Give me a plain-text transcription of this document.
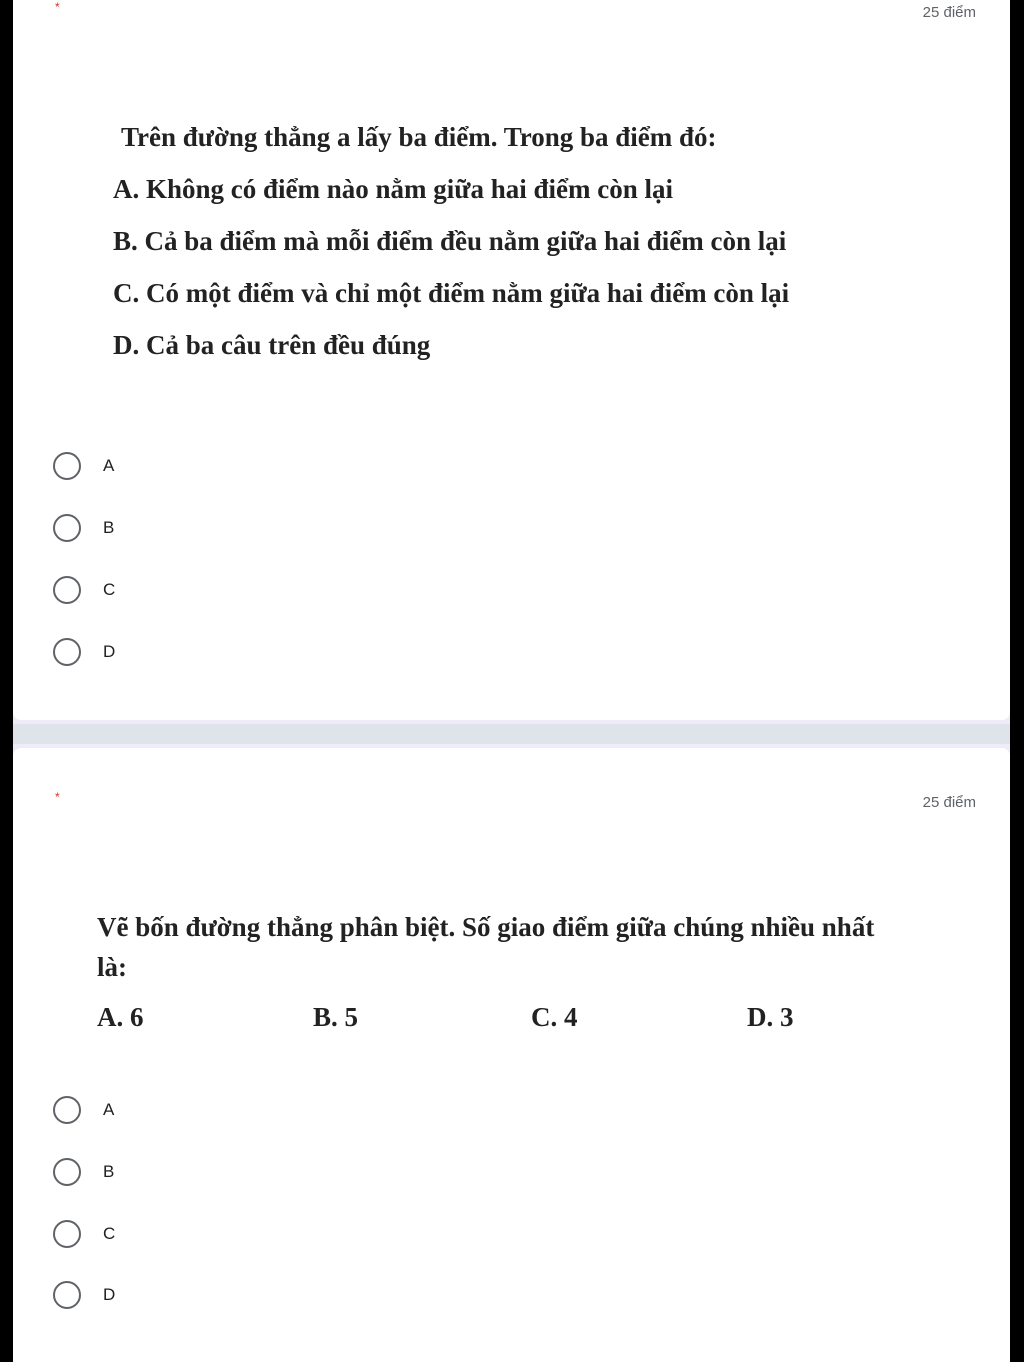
*	25 điểm
Trên đường thẳng a lấy ba điểm. Trong ba điểm đó:
A. Không có điểm nào nằm giữa hai điểm còn lại
B. Cả ba điểm mà mỗi điểm đều nằm giữa hai điểm còn lại
C. Có một điểm và chỉ một điểm nằm giữa hai điểm còn lại
D. Cả ba câu trên đều đúng
A
B
C
D
*	25 điểm
Vẽ bốn đường thẳng phân biệt. Số giao điểm giữa chúng nhiều nhất
là:
A. 6	B. 5	C. 4	D. 3
A
B
C
D
